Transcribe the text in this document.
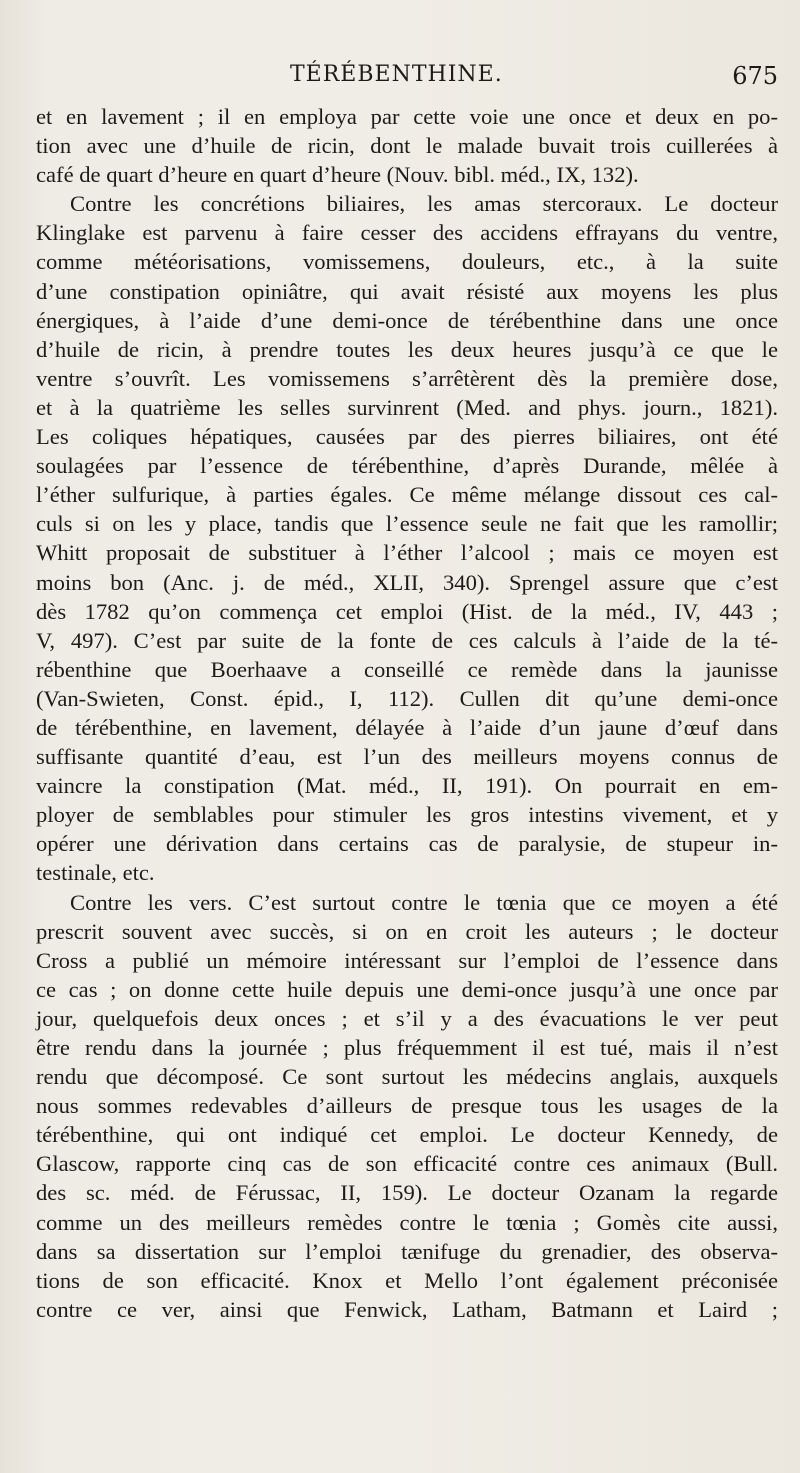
TÉRÉBENTHINE.	675
et en lavement ; il en employa par cette voie une once et deux en po-
tion avec une d’huile de ricin, dont le malade buvait trois cuillerées à
café de quart d’heure en quart d’heure (Nouv. bibl. méd., IX, 132).
Contre les concrétions biliaires, les amas stercoraux. Le docteur
Klinglake est parvenu à faire cesser des accidens effrayans du ventre,
comme météorisations, vomissemens, douleurs, etc., à la suite
d’une constipation opiniâtre, qui avait résisté aux moyens les plus
énergiques, à l’aide d’une demi-once de térébenthine dans une once
d’huile de ricin, à prendre toutes les deux heures jusqu’à ce que le
ventre s’ouvrît. Les vomissemens s’arrêtèrent dès la première dose,
et à la quatrième les selles survinrent (Med. and phys. journ., 1821).
Les coliques hépatiques, causées par des pierres biliaires, ont été
soulagées par l’essence de térébenthine, d’après Durande, mêlée à
l’éther sulfurique, à parties égales. Ce même mélange dissout ces cal-
culs si on les y place, tandis que l’essence seule ne fait que les ramollir;
Whitt proposait de substituer à l’éther l’alcool ; mais ce moyen est
moins bon (Anc. j. de méd., XLII, 340). Sprengel assure que c’est
dès 1782 qu’on commença cet emploi (Hist. de la méd., IV, 443 ;
V, 497). C’est par suite de la fonte de ces calculs à l’aide de la té-
rébenthine que Boerhaave a conseillé ce remède dans la jaunisse
(Van-Swieten, Const. épid., I, 112). Cullen dit qu’une demi-once
de térébenthine, en lavement, délayée à l’aide d’un jaune d’œuf dans
suffisante quantité d’eau, est l’un des meilleurs moyens connus de
vaincre la constipation (Mat. méd., II, 191). On pourrait en em-
ployer de semblables pour stimuler les gros intestins vivement, et y
opérer une dérivation dans certains cas de paralysie, de stupeur in-
testinale, etc.
Contre les vers. C’est surtout contre le tœnia que ce moyen a été
prescrit souvent avec succès, si on en croit les auteurs ; le docteur
Cross a publié un mémoire intéressant sur l’emploi de l’essence dans
ce cas ; on donne cette huile depuis une demi-once jusqu’à une once par
jour, quelquefois deux onces ; et s’il y a des évacuations le ver peut
être rendu dans la journée ; plus fréquemment il est tué, mais il n’est
rendu que décomposé. Ce sont surtout les médecins anglais, auxquels
nous sommes redevables d’ailleurs de presque tous les usages de la
térébenthine, qui ont indiqué cet emploi. Le docteur Kennedy, de
Glascow, rapporte cinq cas de son efficacité contre ces animaux (Bull.
des sc. méd. de Férussac, II, 159). Le docteur Ozanam la regarde
comme un des meilleurs remèdes contre le tœnia ; Gomès cite aussi,
dans sa dissertation sur l’emploi tænifuge du grenadier, des observa-
tions de son efficacité. Knox et Mello l’ont également préconisée
contre ce ver, ainsi que Fenwick, Latham, Batmann et Laird ;
